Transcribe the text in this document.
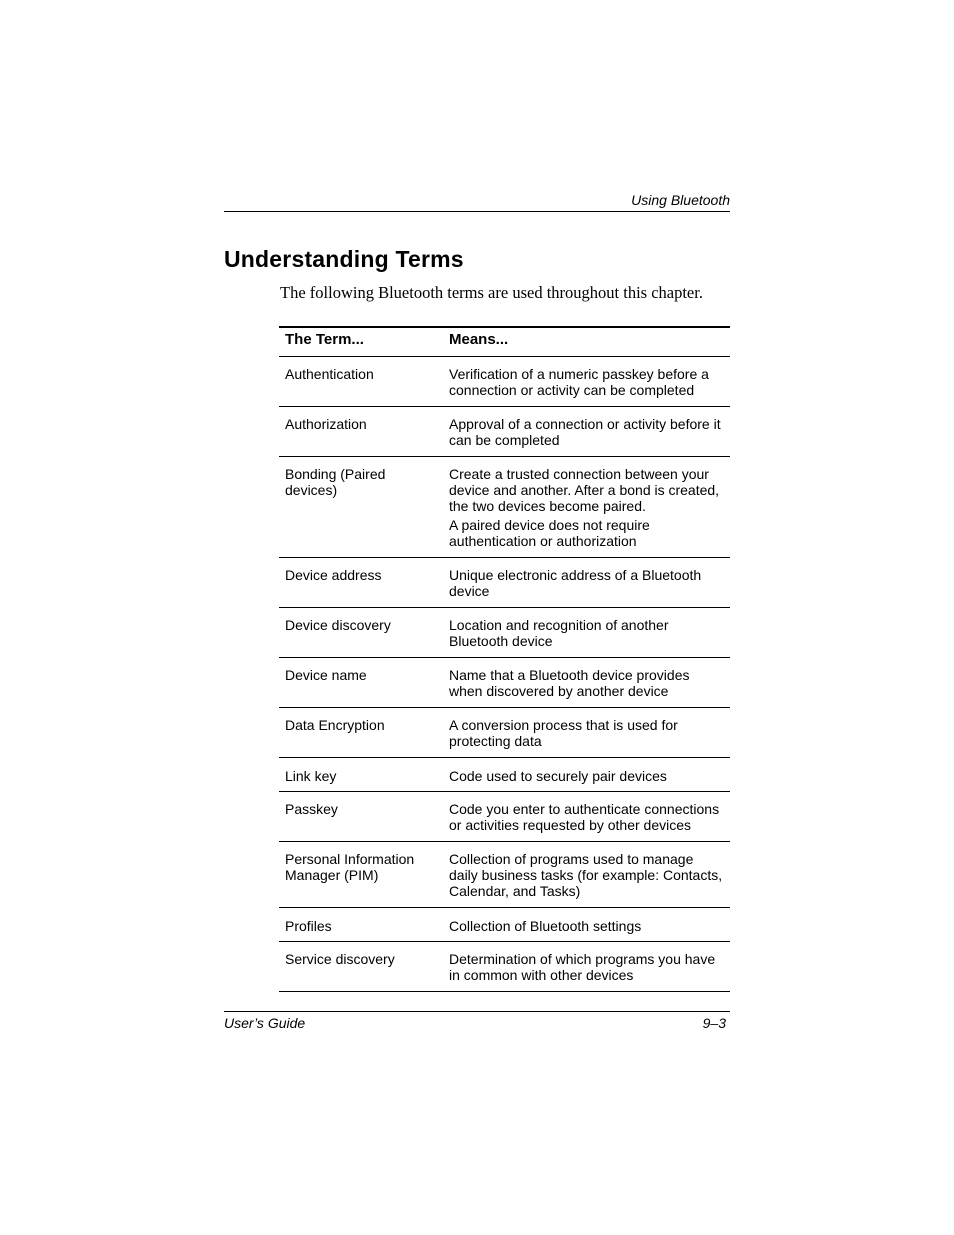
Using Bluetooth
Understanding Terms

The following Bluetooth terms are used throughout this chapter.

The Term...	Means...
Authentication	Verification of a numeric passkey before a connection or activity can be completed

Authorization	Approval of a connection or activity before it can be completed

Bonding (Paired devices)	Create a trusted connection between your device and another. After a bond is created, the two devices become paired.
A paired device does not require authentication or authorization

Device address	Unique electronic address of a Bluetooth device

Device discovery	Location and recognition of another Bluetooth device

Device name	Name that a Bluetooth device provides when discovered by another device

Data Encryption	A conversion process that is used for protecting data

Link key	Code used to securely pair devices

Passkey	Code you enter to authenticate connections or activities requested by other devices

Personal Information Manager (PIM)	Collection of programs used to manage daily business tasks (for example: Contacts, Calendar, and Tasks)

Profiles	Collection of Bluetooth settings

Service discovery	Determination of which programs you have in common with other devices
User’s Guide	9–3
